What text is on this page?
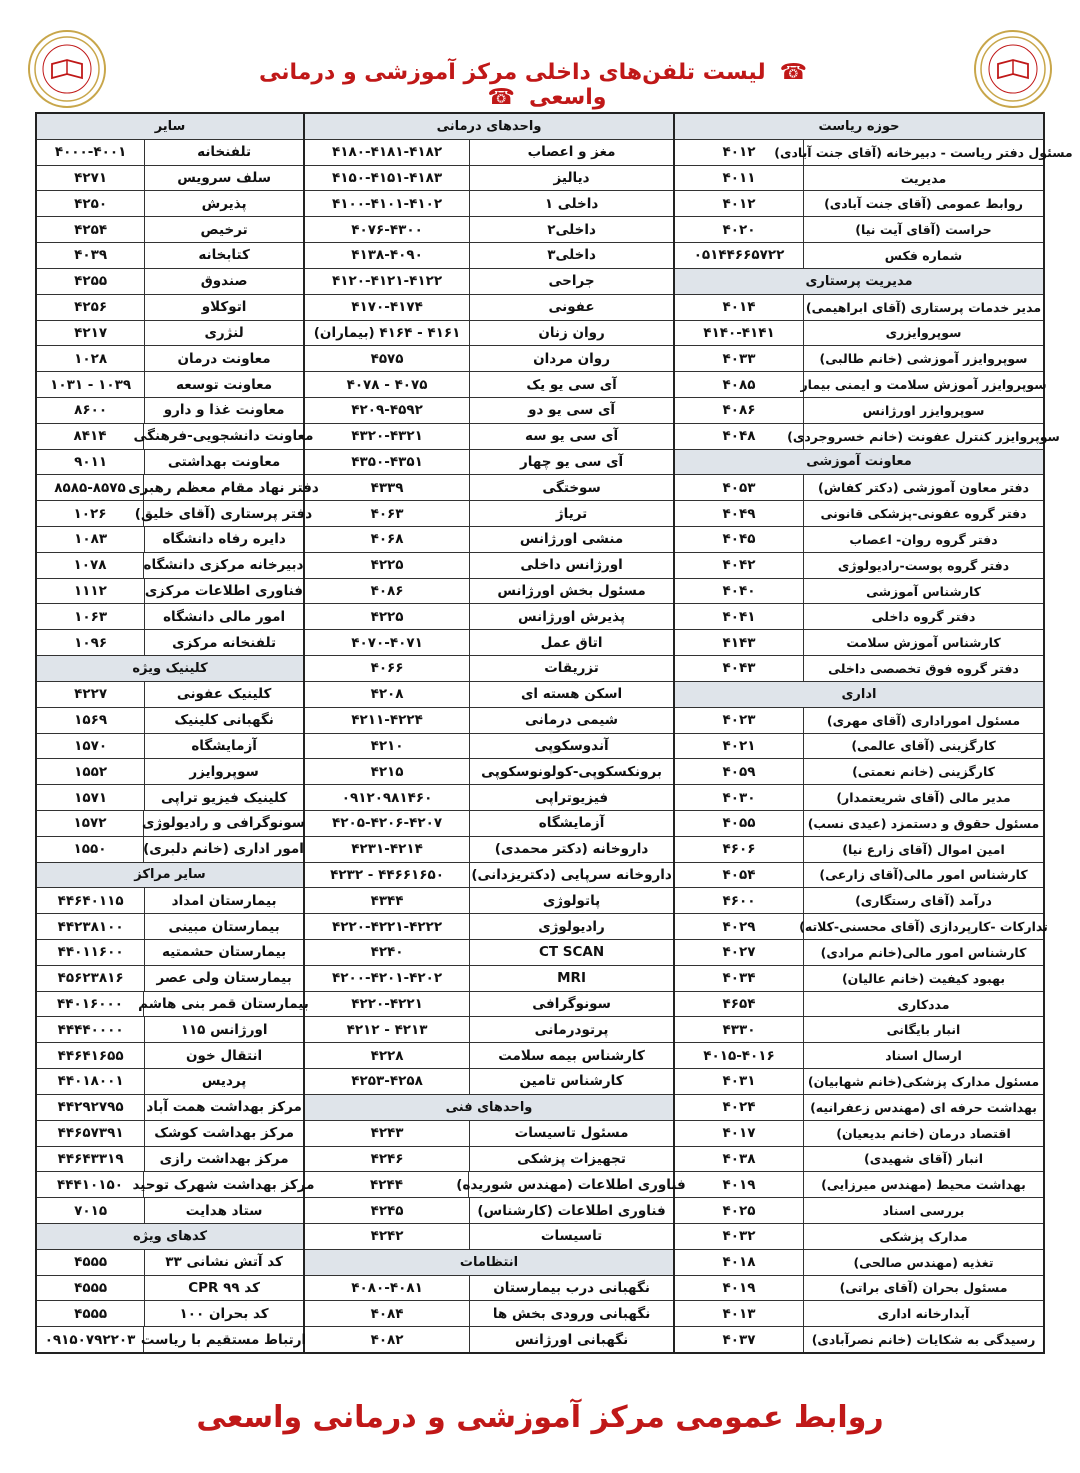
☎لیست تلفن‌های داخلی مرکز آموزشی و درمانی واسعی☎
حوزه ریاست
مسئول دفتر ریاست - دبیرخانه (آقای جنت آبادی)
۴۰۱۲
مدیریت
۴۰۱۱
روابط عمومی (آقای جنت آبادی)
۴۰۱۲
حراست (آقای آیت نیا)
۴۰۲۰
شماره فکس
۰۵۱۴۴۶۶۵۷۲۲
مدیریت پرستاری
مدیر خدمات پرستاری (آقای ابراهیمی)
۴۰۱۴
سوپروایزری
۴۱۴۰-۴۱۴۱
سوپروایزر آموزشی (خانم طالبی)
۴۰۳۳
سوپروایزر آموزش سلامت و ایمنی بیمار
۴۰۸۵
سوپروایزر اورژانس
۴۰۸۶
سوپروایزر کنترل عفونت (خانم خسروجردی)
۴۰۴۸
معاونت آموزشی
دفتر معاون آموزشی (دکتر کفاش)
۴۰۵۳
دفتر گروه عفونی-پزشکی قانونی
۴۰۴۹
دفتر گروه روان- اعصاب
۴۰۴۵
دفتر گروه پوست-رادیولوژی
۴۰۴۲
کارشناس آموزشی
۴۰۴۰
دفتر گروه داخلی
۴۰۴۱
کارشناس آموزش سلامت
۴۱۴۳
دفتر گروه فوق تخصصی داخلی
۴۰۴۳
اداری
مسئول اموراداری (آقای مهری)
۴۰۲۳
کارگزینی (آقای عالمی)
۴۰۲۱
کارگزینی (خانم نعمتی)
۴۰۵۹
مدیر مالی (آقای شریعتمدار)
۴۰۳۰
مسئول حقوق و دستمزد (عیدی نسب)
۴۰۵۵
امین اموال (آقای زارع نیا)
۴۶۰۶
کارشناس امور مالی(آقای زارعی)
۴۰۵۴
درآمد (آقای رستگاری)
۴۶۰۰
تدارکات -کارپردازی (آقای محسنی-کلاته)
۴۰۲۹
کارشناس امور مالی(خانم مرادی)
۴۰۲۷
بهبود کیفیت (خانم عالیان)
۴۰۳۴
مددکاری
۴۶۵۴
انبار بایگانی
۴۳۳۰
ارسال اسناد
۴۰۱۵-۴۰۱۶
مسئول مدارک پزشکی(خانم شهابیان)
۴۰۳۱
بهداشت حرفه ای (مهندس زعفرانیه)
۴۰۲۴
اقتصاد درمان (خانم بدیعیان)
۴۰۱۷
انبار (آقای شهیدی)
۴۰۳۸
بهداشت محیط (مهندس میرزایی)
۴۰۱۹
بررسی اسناد
۴۰۲۵
مدارک پزشکی
۴۰۳۲
تغذیه (مهندس صالحی)
۴۰۱۸
مسئول بحران (آقای براتی)
۴۰۱۹
آبدارخانه اداری
۴۰۱۳
رسیدگی به شکایات (خانم نصرآبادی)
۴۰۳۷
واحدهای درمانی
مغز و اعصاب
۴۱۸۰-۴۱۸۱-۴۱۸۲
دیالیز
۴۱۵۰-۴۱۵۱-۴۱۸۳
داخلی ۱
۴۱۰۰-۴۱۰۱-۴۱۰۲
داخلی۲
۴۰۷۶-۴۳۰۰
داخلی۳
۴۱۳۸-۴۰۹۰
جراحی
۴۱۲۰-۴۱۲۱-۴۱۲۲
عفونی
۴۱۷۰-۴۱۷۴
روان زنان
۴۱۶۱ - ۴۱۶۴ (بیماران)
روان مردان
۴۵۷۵
آی سی یو یک
۴۰۷۵ - ۴۰۷۸
آی سی یو دو
۴۲۰۹-۴۵۹۲
آی سی یو سه
۴۳۲۰-۴۳۲۱
آی سی یو چهار
۴۳۵۰-۴۳۵۱
سوختگی
۴۳۳۹
تریاژ
۴۰۶۳
منشی اورژانس
۴۰۶۸
اورژانس داخلی
۴۲۲۵
مسئول بخش اورژانس
۴۰۸۶
پذیرش اورژانس
۴۲۲۵
اتاق عمل
۴۰۷۰-۴۰۷۱
تزریقات
۴۰۶۶
اسکن هسته ای
۴۲۰۸
شیمی درمانی
۴۲۱۱-۴۲۲۴
آندوسکوپی
۴۲۱۰
برونکسکوپی-کولونوسکوپی
۴۲۱۵
فیزیوتراپی
۰۹۱۲۰۹۸۱۴۶۰
آزمایشگاه
۴۲۰۵-۴۲۰۶-۴۲۰۷
داروخانه (دکتر محمدی)
۴۲۳۱-۴۲۱۴
داروخانه سرپایی (دکتریزدانی)
۴۴۶۶۱۶۵۰ - ۴۲۳۲
پاتولوژی
۴۳۴۴
رادیولوژی
۴۲۲۰-۴۲۲۱-۴۲۲۲
CT SCAN
۴۲۴۰
MRI
۴۲۰۰-۴۲۰۱-۴۲۰۲
سونوگرافی
۴۲۲۰-۴۲۲۱
پرتودرمانی
۴۲۱۳ - ۴۲۱۲
کارشناس بیمه سلامت
۴۲۲۸
کارشناس تامین
۴۲۵۳-۴۲۵۸
واحدهای فنی
مسئول تاسیسات
۴۲۴۳
تجهیزات پزشکی
۴۲۴۶
فناوری اطلاعات (مهندس شوریده)
۴۲۴۴
فناوری اطلاعات (کارشناس)
۴۲۴۵
تاسیسات
۴۲۴۲
انتظامات
نگهبانی درب بیمارستان
۴۰۸۰-۴۰۸۱
نگهبانی ورودی بخش ها
۴۰۸۴
نگهبانی اورژانس
۴۰۸۲
سایر
تلفنخانه
۴۰۰۰-۴۰۰۱
سلف سرویس
۴۲۷۱
پذیرش
۴۲۵۰
ترخیص
۴۲۵۴
کتابخانه
۴۰۳۹
صندوق
۴۲۵۵
اتوکلاو
۴۲۵۶
لنژری
۴۲۱۷
معاونت درمان
۱۰۲۸
معاونت توسعه
۱۰۳۹ - ۱۰۳۱
معاونت غذا و دارو
۸۶۰۰
معاونت دانشجویی-فرهنگی
۸۴۱۴
معاونت بهداشتی
۹۰۱۱
دفتر نهاد مقام معظم رهبری
۸۵۸۵-۸۵۷۵
دفتر پرستاری (آقای خلیق)
۱۰۲۶
دایره رفاه دانشگاه
۱۰۸۳
دبیرخانه مرکزی دانشگاه
۱۰۷۸
فناوری اطلاعات مرکزی
۱۱۱۲
امور مالی دانشگاه
۱۰۶۳
تلفنخانه مرکزی
۱۰۹۶
کلینیک ویژه
کلینیک عفونی
۴۲۲۷
نگهبانی کلینیک
۱۵۶۹
آزمایشگاه
۱۵۷۰
سوپروایزر
۱۵۵۲
کلینیک فیزیو تراپی
۱۵۷۱
سونوگرافی و رادیولوژی
۱۵۷۲
امور اداری (خانم دلبری)
۱۵۵۰
سایر مراکز
بیمارستان امداد
۴۴۶۴۰۱۱۵
بیمارستان مبینی
۴۴۲۳۸۱۰۰
بیمارستان حشمتیه
۴۴۰۱۱۶۰۰
بیمارستان ولی عصر
۴۵۶۲۳۸۱۶
بیمارستان قمر بنی هاشم
۴۴۰۱۶۰۰۰
اورژانس ۱۱۵
۴۴۴۴۰۰۰۰
انتقال خون
۴۴۶۴۱۶۵۵
پردیس
۴۴۰۱۸۰۰۱
مرکز بهداشت همت آباد
۴۴۲۹۲۷۹۵
مرکز بهداشت کوشک
۴۴۶۵۷۳۹۱
مرکز بهداشت رازی
۴۴۶۴۳۳۱۹
مرکز بهداشت شهرک توحید
۴۴۴۱۰۱۵۰
ستاد هدایت
۷۰۱۵
کدهای ویژه
کد آتش نشانی ۳۳
۴۵۵۵
کد CPR ۹۹
۴۵۵۵
کد بحران ۱۰۰
۴۵۵۵
ارتباط مستقیم با ریاست
۰۹۱۵۰۷۹۲۲۰۳
روابط عمومی مرکز آموزشی و درمانی واسعی
